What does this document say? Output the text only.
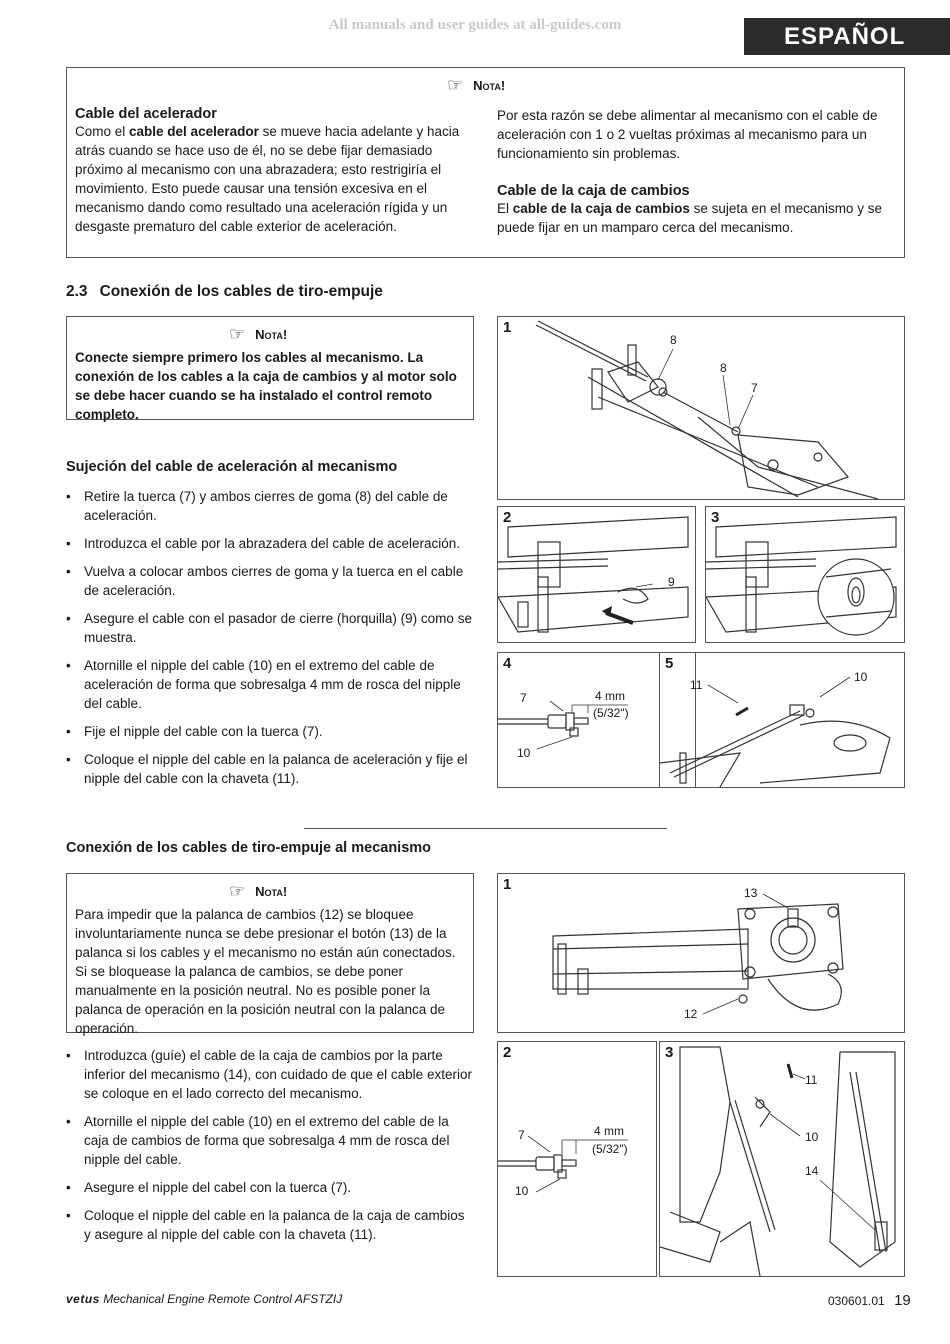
All manuals and user guides at all-guides.com	ESPAÑOL
☞ Nota!
Cable del acelerador

Como el cable del acelerador se mueve hacia adelante y hacia atrás cuando se hace uso de él, no se debe fijar demasiado próximo al mecanismo con una abrazadera; esto restrigiría el movimiento. Esto puede causar una tensión excesiva en el mecanismo dando como resultado una aceleración rígida y un desgaste prematuro del cable exterior de aceleración.

Por esta razón se debe alimentar al mecanismo con el cable de aceleración con 1 o 2 vueltas próximas al mecanismo para un funcionamiento sin problemas.

Cable de la caja de cambios

El cable de la caja de cambios se sujeta en el mecanismo y se puede fijar en un mamparo cerca del mecanismo.

2.3 Conexión de los cables de tiro-empuje
☞ Nota!

Conecte siempre primero los cables al mecanismo. La conexión de los cables a la caja de cambios y al motor solo se debe hacer cuando se ha instalado el control remoto completo.

Sujeción del cable de aceleración al mecanismo
• Retire la tuerca (7) y ambos cierres de goma (8) del cable de aceleración.
• Introduzca el cable por la abrazadera del cable de aceleración.
• Vuelva a colocar ambos cierres de goma y la tuerca en el cable de aceleración.
• Asegure el cable con el pasador de cierre (horquilla) (9) como se muestra.
• Atornille el nipple del cable (10) en el extremo del cable de aceleración de forma que sobresalga 4 mm de rosca del nipple del cable.
• Fije el nipple del cable con la tuerca (7).
• Coloque el nipple del cable en la palanca de aceleración y fije el nipple del cable con la chaveta (11).
1
8
8
7
2
9
3
4
7	4 mm
(5/32")
10
5
11
10
Conexión de los cables de tiro-empuje al mecanismo
☞ Nota!

Para impedir que la palanca de cambios (12) se bloquee involuntariamente nunca se debe presionar el botón (13) de la palanca si los cables y el mecanismo no están aún conectados.

Si se bloquease la palanca de cambios, se debe poner manualmente en la posición neutral. No es posible poner la palanca de operación en la posición neutral con la palanca de operación.

• Introduzca (guíe) el cable de la caja de cambios por la parte inferior del mecanismo (14), con cuidado de que el cable exterior se coloque en el lado correcto del mecanismo.
• Atornille el nipple del cable (10) en el extremo del cable de la caja de cambios de forma que sobresalga 4 mm de rosca del nipple del cable.
• Asegure el nipple del cabel con la tuerca (7).
• Coloque el nipple del cable en la palanca de la caja de cambios y asegure al nipple del cable con la chaveta (11).
1	13
12
2
7	4 mm
(5/32")
10
3
11
10
14
vetus Mechanical Engine Remote Control AFSTZIJ	030601.01 19
